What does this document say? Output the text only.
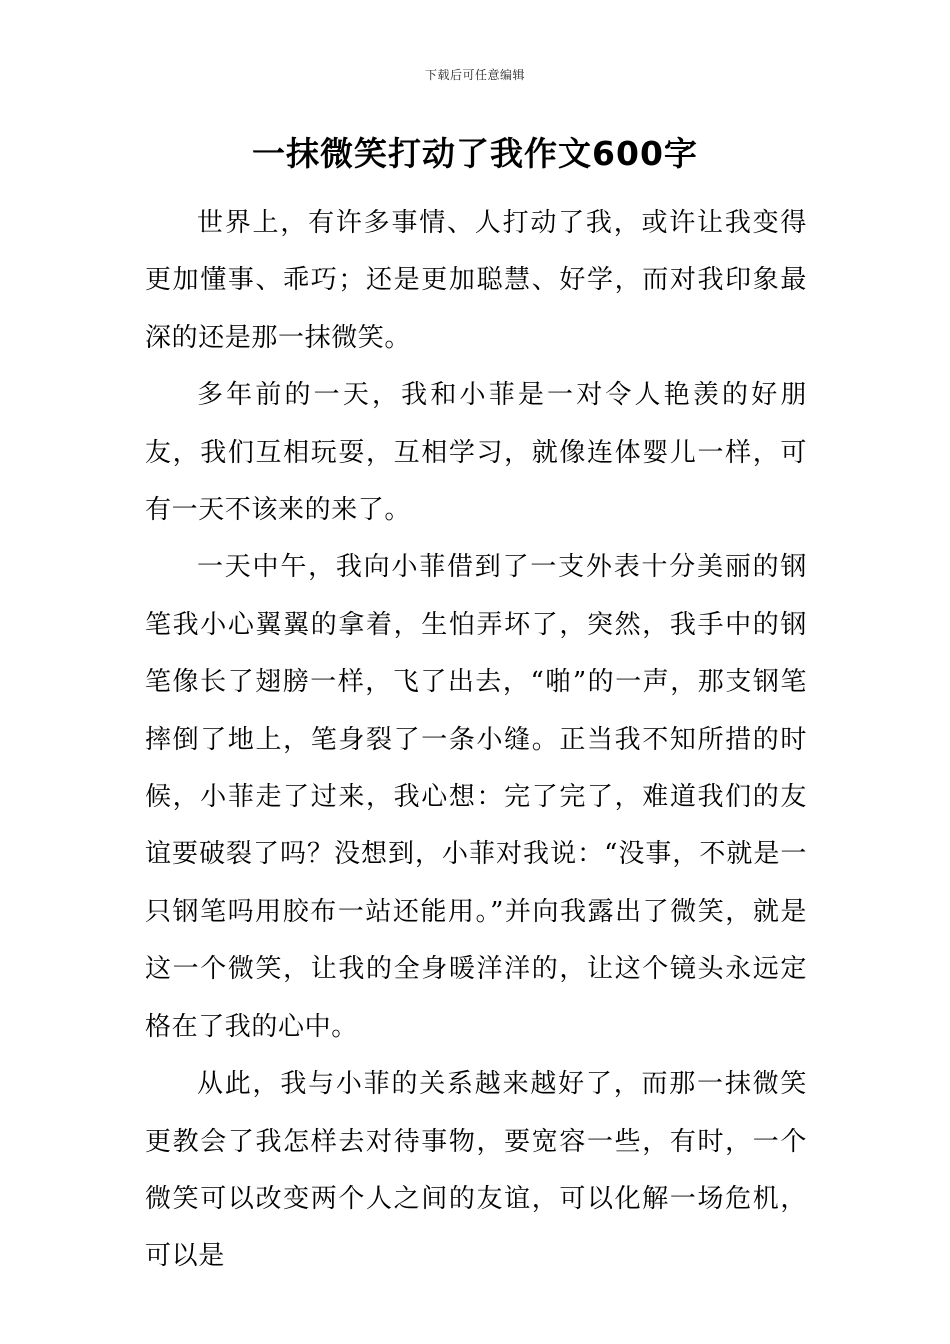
下载后可任意编辑
一抹微笑打动了我作文600字

世界上，有许多事情、人打动了我，或许让我变得更加懂事、乖巧；还是更加聪慧、好学，而对我印象最深的还是那一抹微笑。

多年前的一天，我和小菲是一对令人艳羡的好朋友，我们互相玩耍，互相学习，就像连体婴儿一样，可有一天不该来的来了。

一天中午，我向小菲借到了一支外表十分美丽的钢笔我小心翼翼的拿着，生怕弄坏了，突然，我手中的钢笔像长了翅膀一样，飞了出去，“啪”的一声，那支钢笔摔倒了地上，笔身裂了一条小缝。正当我不知所措的时候，小菲走了过来，我心想：完了完了，难道我们的友谊要破裂了吗？没想到，小菲对我说：“没事，不就是一只钢笔吗用胶布一站还能用。”并向我露出了微笑，就是这一个微笑，让我的全身暖洋洋的，让这个镜头永远定格在了我的心中。

从此，我与小菲的关系越来越好了，而那一抹微笑更教会了我怎样去对待事物，要宽容一些，有时，一个微笑可以改变两个人之间的友谊，可以化解一场危机，可以是
